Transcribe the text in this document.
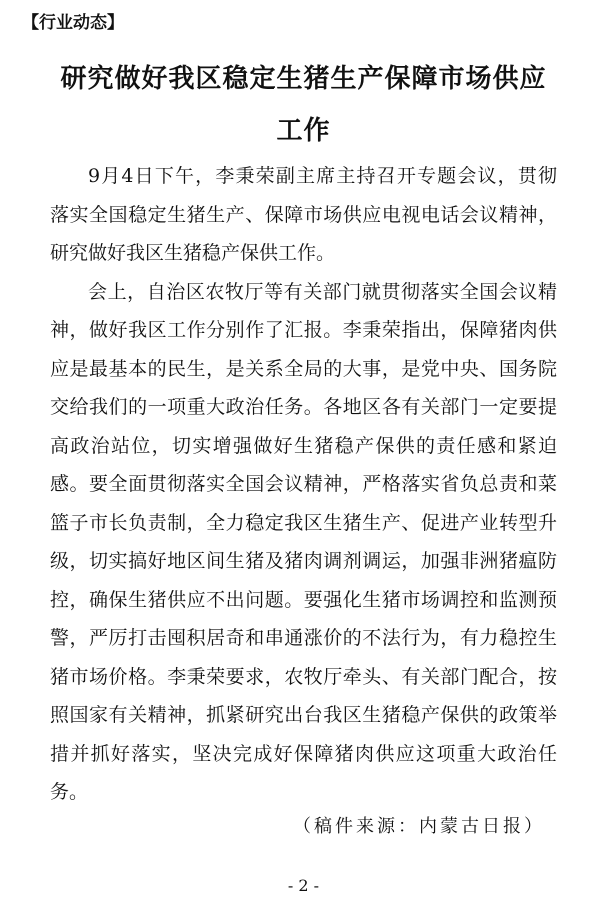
【行业动态】
研究做好我区稳定生猪生产保障市场供应
工作
9月4日下午，李秉荣副主席主持召开专题会议，贯彻
落实全国稳定生猪生产、保障市场供应电视电话会议精神，
研究做好我区生猪稳产保供工作。
会上，自治区农牧厅等有关部门就贯彻落实全国会议精
神，做好我区工作分别作了汇报。李秉荣指出，保障猪肉供
应是最基本的民生，是关系全局的大事，是党中央、国务院
交给我们的一项重大政治任务。各地区各有关部门一定要提
高政治站位，切实增强做好生猪稳产保供的责任感和紧迫
感。要全面贯彻落实全国会议精神，严格落实省负总责和菜
篮子市长负责制，全力稳定我区生猪生产、促进产业转型升
级，切实搞好地区间生猪及猪肉调剂调运，加强非洲猪瘟防
控，确保生猪供应不出问题。要强化生猪市场调控和监测预
警，严厉打击囤积居奇和串通涨价的不法行为，有力稳控生
猪市场价格。李秉荣要求，农牧厅牵头、有关部门配合，按
照国家有关精神，抓紧研究出台我区生猪稳产保供的政策举
措并抓好落实，坚决完成好保障猪肉供应这项重大政治任
务。
（稿件来源：内蒙古日报）
- 2 -
